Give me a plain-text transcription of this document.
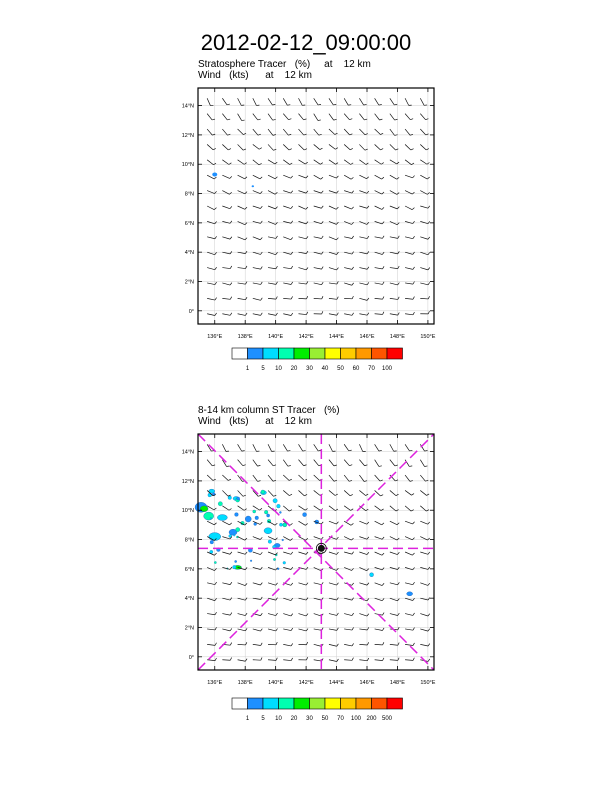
2012-02-12_09:00:00
Stratosphere Tracer   (%)     at    12 km
Wind   (kts)      at    12 km
8-14 km column ST Tracer   (%)
Wind   (kts)      at    12 km
0°
2°N
4°N
6°N
8°N
10°N
12°N
14°N
136°E	138°E	140°E	142°E	144°E	146°E	148°E	150°E
1 5 10 20 30 40 50 60 70 100
0°
2°N
4°N
6°N
8°N
10°N
12°N
14°N
136°E	138°E	140°E	142°E	144°E	146°E	148°E	150°E
1 5 10 20 30 50 70 100 200 500
